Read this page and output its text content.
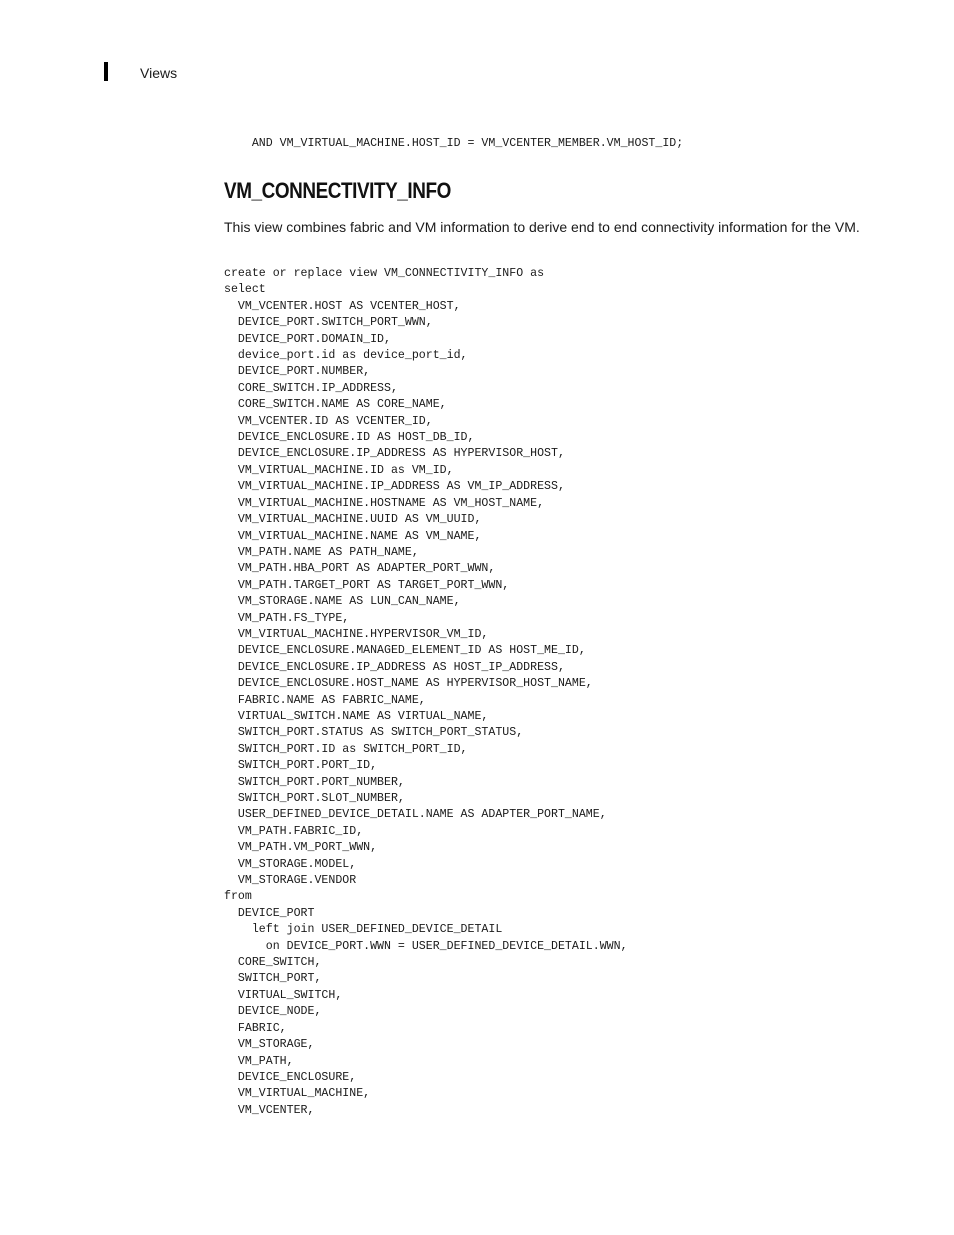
Views
AND VM_VIRTUAL_MACHINE.HOST_ID = VM_VCENTER_MEMBER.VM_HOST_ID;
VM_CONNECTIVITY_INFO

This view combines fabric and VM information to derive end to end connectivity information for the VM.

create or replace view VM_CONNECTIVITY_INFO as
select
VM_VCENTER.HOST AS VCENTER_HOST,
DEVICE_PORT.SWITCH_PORT_WWN,
DEVICE_PORT.DOMAIN_ID,
device_port.id as device_port_id,
DEVICE_PORT.NUMBER,
CORE_SWITCH.IP_ADDRESS,
CORE_SWITCH.NAME AS CORE_NAME,
VM_VCENTER.ID AS VCENTER_ID,
DEVICE_ENCLOSURE.ID AS HOST_DB_ID,
DEVICE_ENCLOSURE.IP_ADDRESS AS HYPERVISOR_HOST,
VM_VIRTUAL_MACHINE.ID as VM_ID,
VM_VIRTUAL_MACHINE.IP_ADDRESS AS VM_IP_ADDRESS,
VM_VIRTUAL_MACHINE.HOSTNAME AS VM_HOST_NAME,
VM_VIRTUAL_MACHINE.UUID AS VM_UUID,
VM_VIRTUAL_MACHINE.NAME AS VM_NAME,
VM_PATH.NAME AS PATH_NAME,
VM_PATH.HBA_PORT AS ADAPTER_PORT_WWN,
VM_PATH.TARGET_PORT AS TARGET_PORT_WWN,
VM_STORAGE.NAME AS LUN_CAN_NAME,
VM_PATH.FS_TYPE,
VM_VIRTUAL_MACHINE.HYPERVISOR_VM_ID,
DEVICE_ENCLOSURE.MANAGED_ELEMENT_ID AS HOST_ME_ID,
DEVICE_ENCLOSURE.IP_ADDRESS AS HOST_IP_ADDRESS,
DEVICE_ENCLOSURE.HOST_NAME AS HYPERVISOR_HOST_NAME,
FABRIC.NAME AS FABRIC_NAME,
VIRTUAL_SWITCH.NAME AS VIRTUAL_NAME,
SWITCH_PORT.STATUS AS SWITCH_PORT_STATUS,
SWITCH_PORT.ID as SWITCH_PORT_ID,
SWITCH_PORT.PORT_ID,
SWITCH_PORT.PORT_NUMBER,
SWITCH_PORT.SLOT_NUMBER,
USER_DEFINED_DEVICE_DETAIL.NAME AS ADAPTER_PORT_NAME,
VM_PATH.FABRIC_ID,
VM_PATH.VM_PORT_WWN,
VM_STORAGE.MODEL,
VM_STORAGE.VENDOR
from
DEVICE_PORT
left join USER_DEFINED_DEVICE_DETAIL
on DEVICE_PORT.WWN = USER_DEFINED_DEVICE_DETAIL.WWN,
CORE_SWITCH,
SWITCH_PORT,
VIRTUAL_SWITCH,
DEVICE_NODE,
FABRIC,
VM_STORAGE,
VM_PATH,
DEVICE_ENCLOSURE,
VM_VIRTUAL_MACHINE,
VM_VCENTER,
